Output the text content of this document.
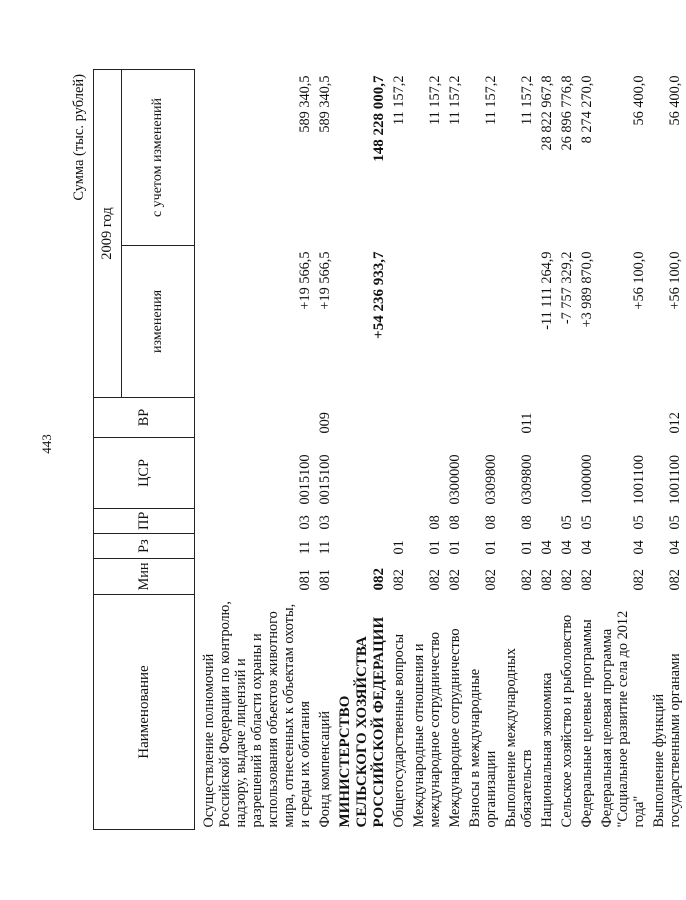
443
Сумма (тыс. рублей)
Наименование	Мин	Рз	ПР	ЦСР	ВР	2009 год	
						изменения	с учетом изменений
Осуществление полномочий Российской Федерации по контролю, надзору, выдаче лицензий и разрешений в области охраны и использования объектов животного мира, отнесенных к объектам охоты, и среды их обитания	081	11	03	0015100		+19 566,5	589 340,5
Фонд компенсаций	081	11	03	0015100	009	+19 566,5	589 340,5
МИНИСТЕРСТВО СЕЛЬСКОГО ХОЗЯЙСТВА РОССИЙСКОЙ ФЕДЕРАЦИИ	082					+54 236 933,7	148 228 000,7
Общегосударственные вопросы	082	01					11 157,2
Международные отношения и международное сотрудничество	082	01	08				11 157,2
Международное сотрудничество	082	01	08	0300000			11 157,2
Взносы в международные организации	082	01	08	0309800			11 157,2
Выполнение международных обязательств	082	01	08	0309800	011		11 157,2
Национальная экономика	082	04				-11 111 264,9	28 822 967,8
Сельское хозяйство и рыболовство	082	04	05			-7 757 329,2	26 896 776,8
Федеральные целевые программы	082	04	05	1000000		+3 989 870,0	8 274 270,0
Федеральная целевая программа "Социальное развитие села до 2012 года"	082	04	05	1001100		+56 100,0	56 400,0
Выполнение функций государственными органами	082	04	05	1001100	012	+56 100,0	56 400,0
